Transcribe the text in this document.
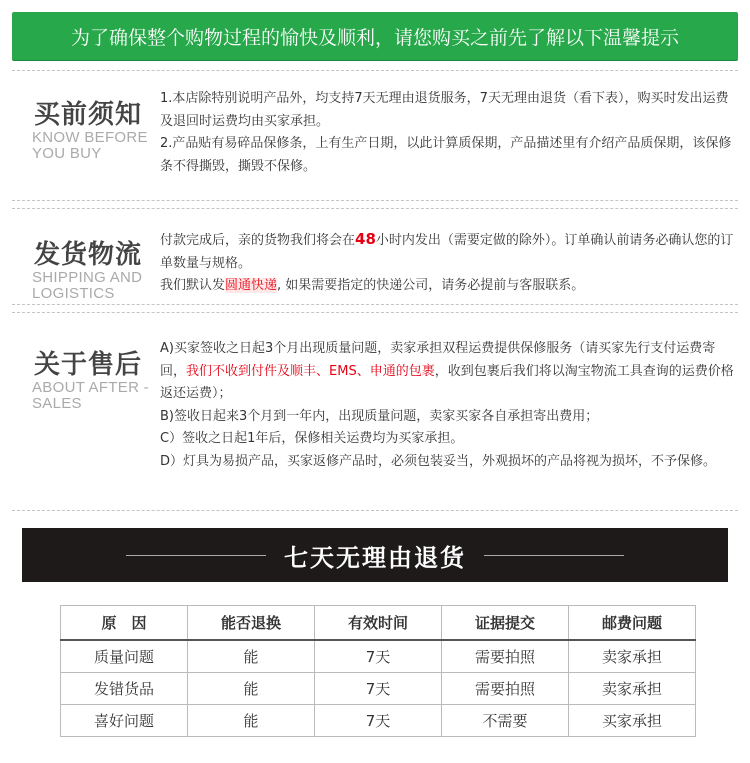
为了确保整个购物过程的愉快及顺利，请您购买之前先了解以下温馨提示
买前须知
KNOW BEFORE YOU BUY

1.本店除特别说明产品外，均支持7天无理由退货服务，7天无理由退货（看下表），购买时发出运费及退回时运费均由买家承担。

2.产品贴有易碎品保修条，上有生产日期，以此计算质保期，产品描述里有介绍产品质保期，该保修条不得撕毁，撕毁不保修。

发货物流
SHIPPING AND LOGISTICS

付款完成后，亲的货物我们将会在48小时内发出（需要定做的除外）。订单确认前请务必确认您的订单数量与规格。

我们默认发圆通快递, 如果需要指定的快递公司，请务必提前与客服联系。

关于售后
ABOUT AFTER -SALES

A)买家签收之日起3个月出现质量问题，卖家承担双程运费提供保修服务（请买家先行支付运费寄回，我们不收到付件及顺丰、EMS、申通的包裹，收到包裹后我们将以淘宝物流工具查询的运费价格返还运费）；

B)签收日起来3个月到一年内，出现质量问题，卖家买家各自承担寄出费用；

C）签收之日起1年后，保修相关运费均为买家承担。

D）灯具为易损产品，买家返修产品时，必须包装妥当，外观损坏的产品将视为损坏，不予保修。

七天无理由退货
原　因	能否退换	有效时间	证据提交	邮费问题
质量问题	能	7天	需要拍照	卖家承担
发错货品	能	7天	需要拍照	卖家承担
喜好问题	能	7天	不需要	买家承担
